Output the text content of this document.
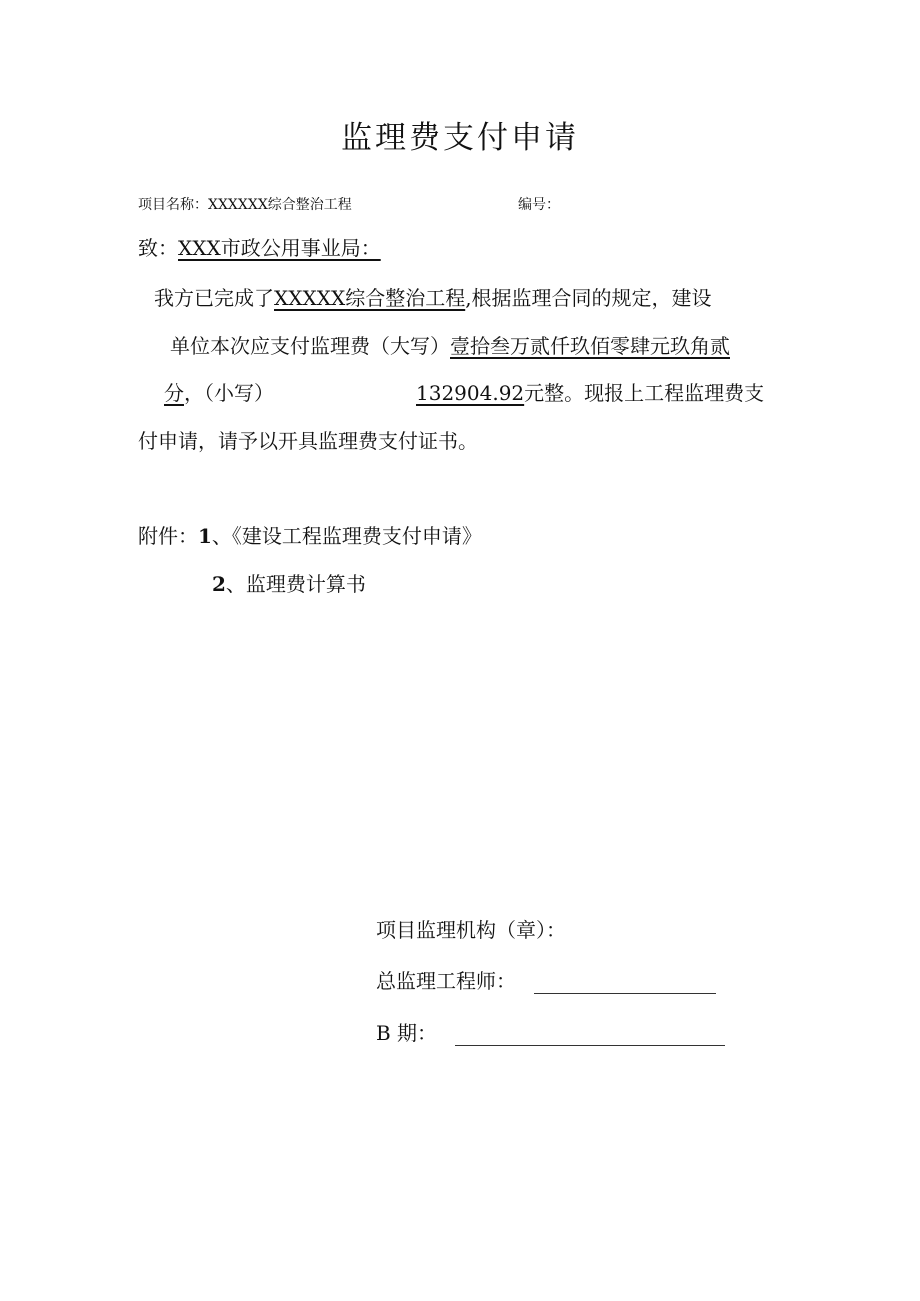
监理费支付申请
项目名称：XXXXXX综合整治工程	编号：
致：XXX市政公用事业局：
我方已完成了XXXXX综合整治工程,根据监理合同的规定，建设
单位本次应支付监理费（大写）壹拾叁万贰仟玖佰零肆元玖角贰
分，（小写）	132904.92元整。现报上工程监理费支
付申请，请予以开具监理费支付证书。
附件：1、《建设工程监理费支付申请》
2、监理费计算书
项目监理机构（章）：
总监理工程师：
B 期：
